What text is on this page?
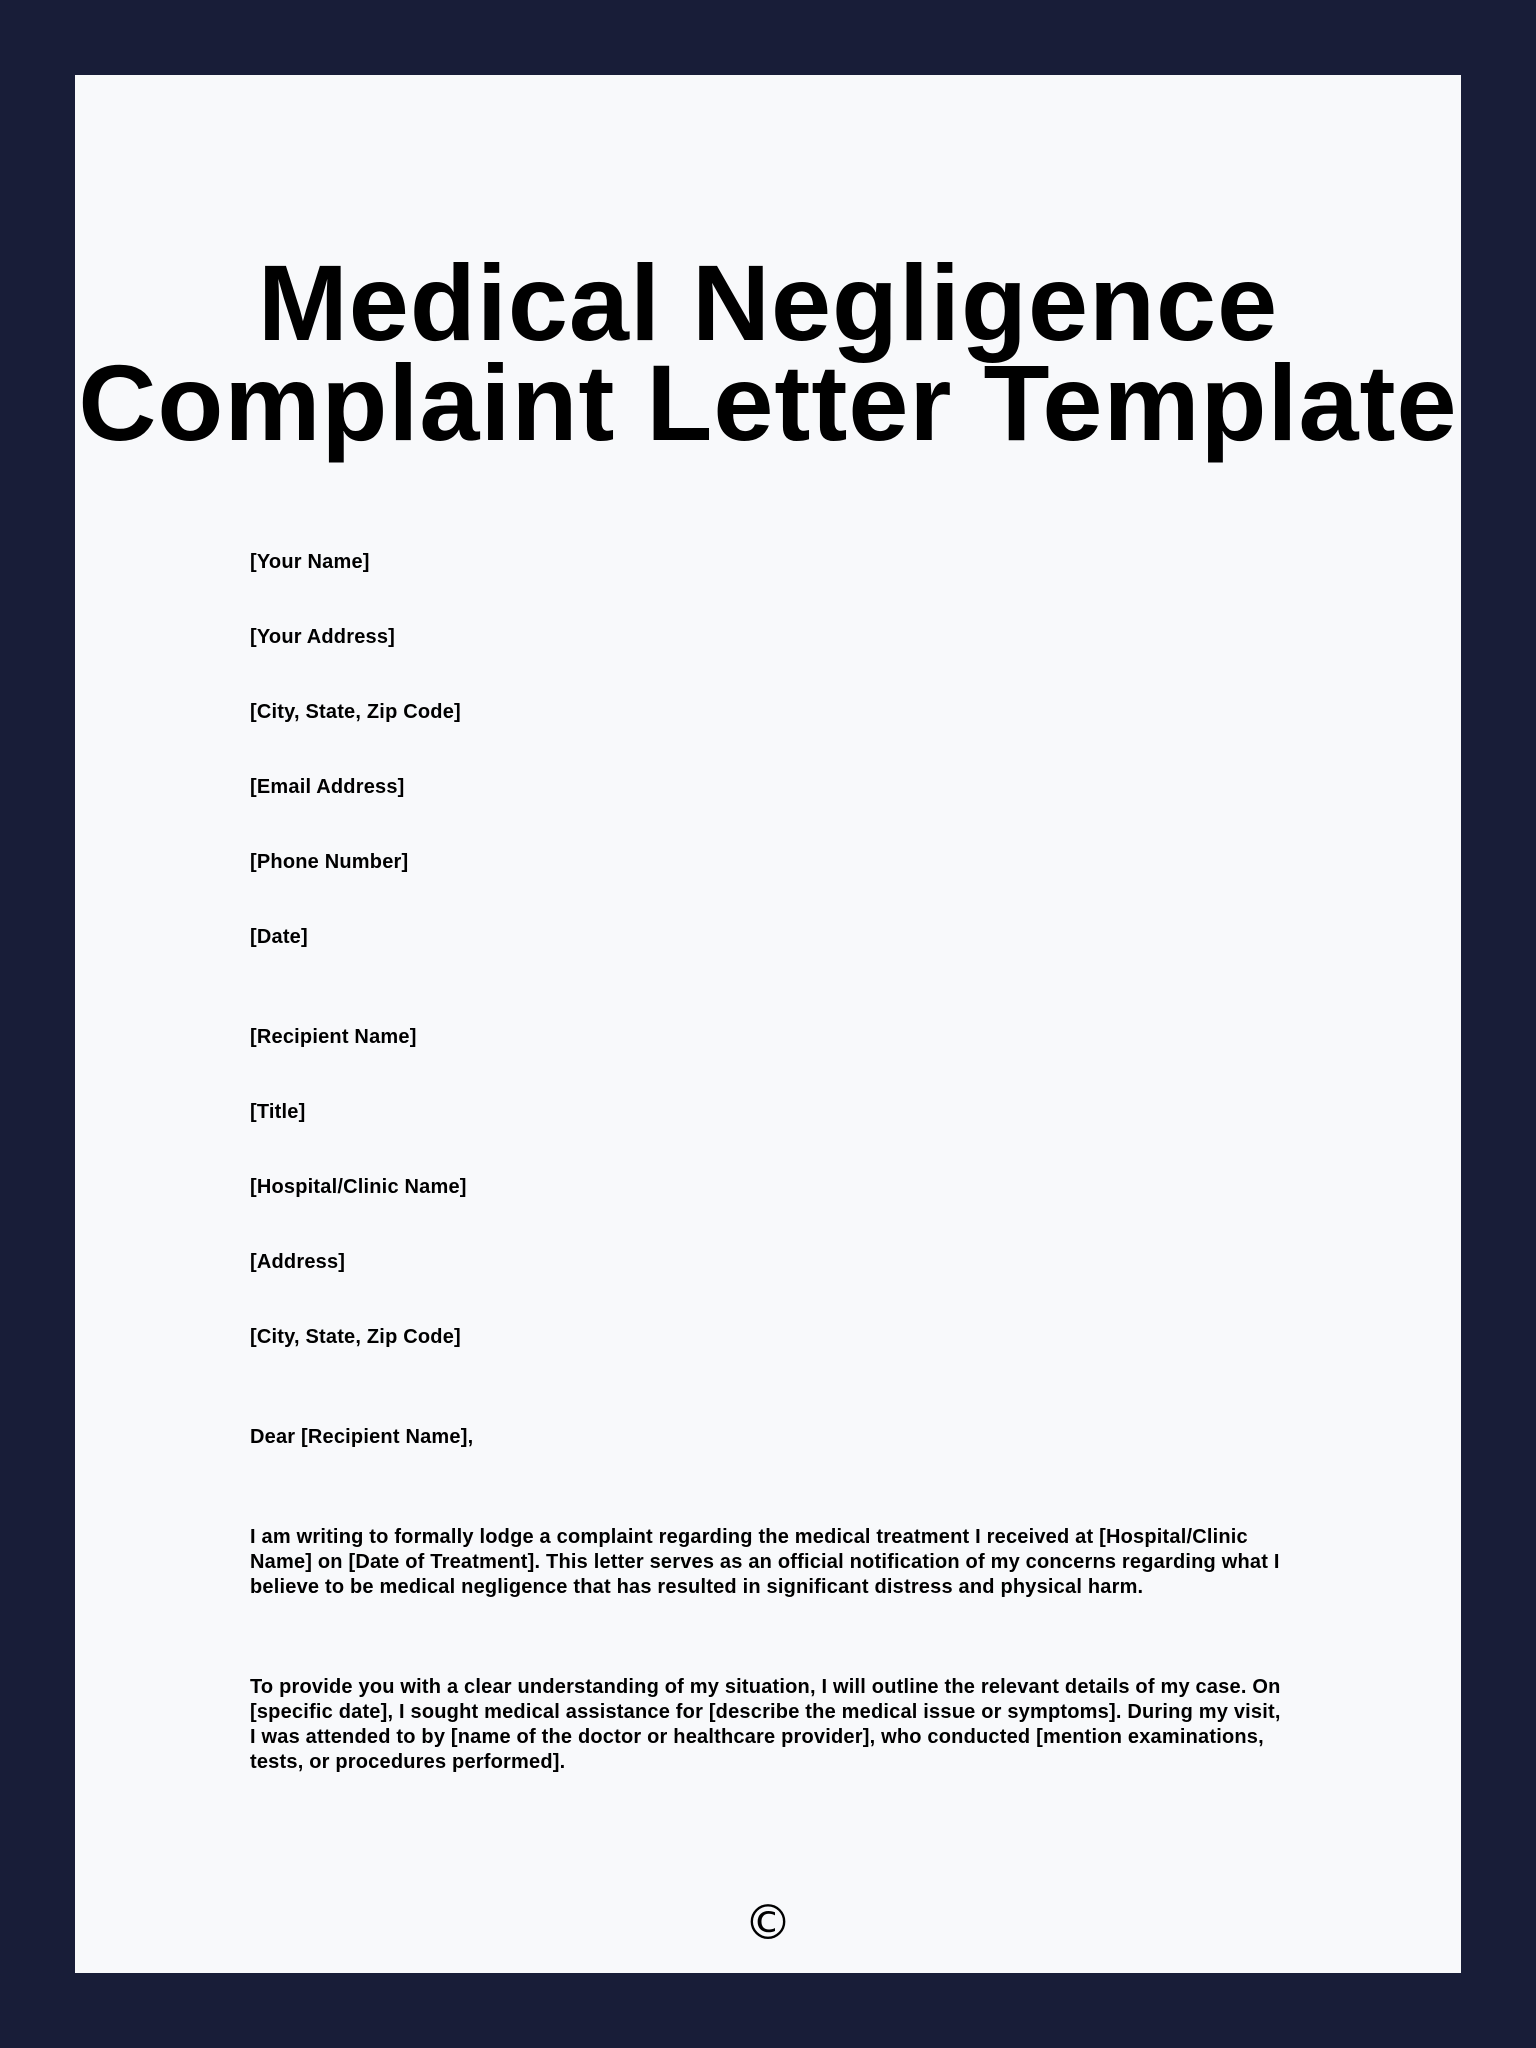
Medical Negligence
Complaint Letter Template

[Your Name]

[Your Address]

[City, State, Zip Code]

[Email Address]

[Phone Number]

[Date]

[Recipient Name]

[Title]

[Hospital/Clinic Name]

[Address]

[City, State, Zip Code]

Dear [Recipient Name],

I am writing to formally lodge a complaint regarding the medical treatment I received at [Hospital/Clinic Name] on [Date of Treatment]. This letter serves as an official notification of my concerns regarding what I believe to be medical negligence that has resulted in significant distress and physical harm.

To provide you with a clear understanding of my situation, I will outline the relevant details of my case. On [specific date], I sought medical assistance for [describe the medical issue or symptoms]. During my visit, I was attended to by [name of the doctor or healthcare provider], who conducted [mention examinations, tests, or procedures performed].

©
